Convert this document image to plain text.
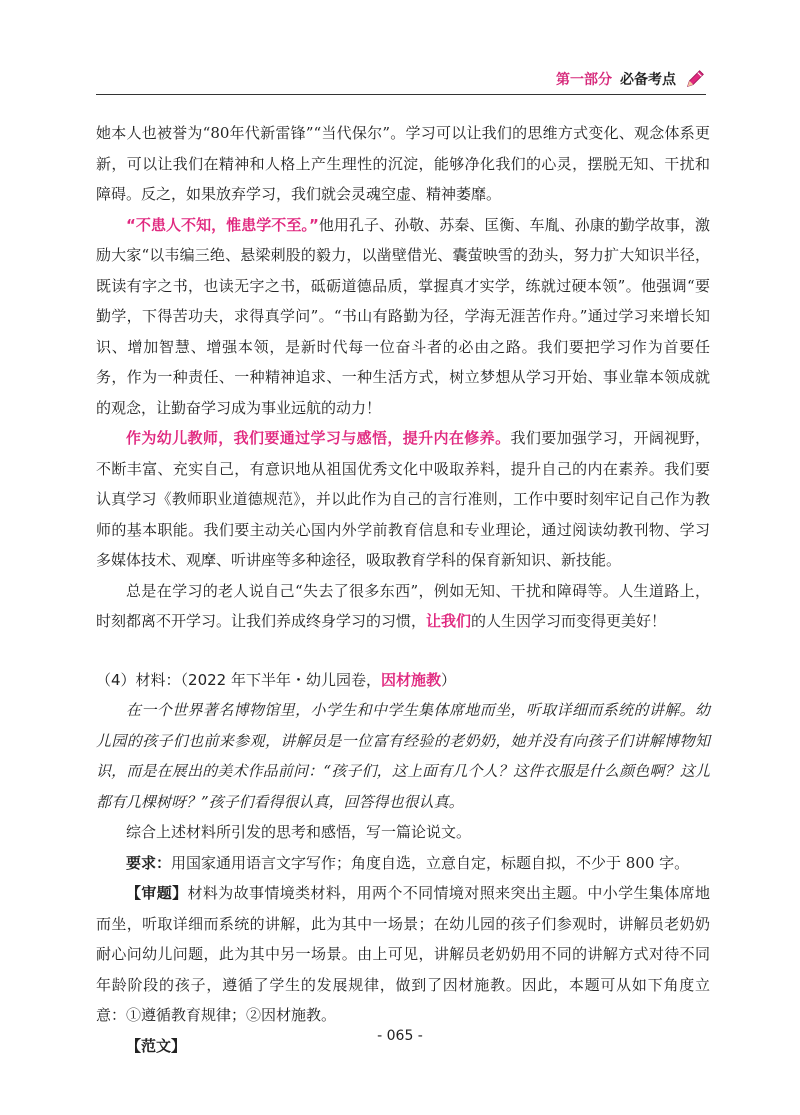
第一部分 必备考点

她本人也被誉为“80年代新雷锋”“当代保尔”。学习可以让我们的思维方式变化、观念体系更新，可以让我们在精神和人格上产生理性的沉淀，能够净化我们的心灵，摆脱无知、干扰和障碍。反之，如果放弃学习，我们就会灵魂空虚、精神萎靡。

“不患人不知，惟患学不至。”他用孔子、孙敬、苏秦、匡衡、车胤、孙康的勤学故事，激励大家“以韦编三绝、悬梁刺股的毅力，以凿壁借光、囊萤映雪的劲头，努力扩大知识半径，既读有字之书，也读无字之书，砥砺道德品质，掌握真才实学，练就过硬本领”。他强调“要勤学，下得苦功夫，求得真学问”。“书山有路勤为径，学海无涯苦作舟。”通过学习来增长知识、增加智慧、增强本领，是新时代每一位奋斗者的必由之路。我们要把学习作为首要任务，作为一种责任、一种精神追求、一种生活方式，树立梦想从学习开始、事业靠本领成就的观念，让勤奋学习成为事业远航的动力！

作为幼儿教师，我们要通过学习与感悟，提升内在修养。我们要加强学习，开阔视野，不断丰富、充实自己，有意识地从祖国优秀文化中吸取养料，提升自己的内在素养。我们要认真学习《教师职业道德规范》，并以此作为自己的言行准则，工作中要时刻牢记自己作为教师的基本职能。我们要主动关心国内外学前教育信息和专业理论，通过阅读幼教刊物、学习多媒体技术、观摩、听讲座等多种途径，吸取教育学科的保育新知识、新技能。

总是在学习的老人说自己“失去了很多东西”，例如无知、干扰和障碍等。人生道路上，时刻都离不开学习。让我们养成终身学习的习惯，让我们的人生因学习而变得更美好！

（4）材料：（2022 年下半年・幼儿园卷，因材施教）

在一个世界著名博物馆里，小学生和中学生集体席地而坐，听取详细而系统的讲解。幼儿园的孩子们也前来参观，讲解员是一位富有经验的老奶奶，她并没有向孩子们讲解博物知识，而是在展出的美术作品前问：“孩子们，这上面有几个人？这件衣服是什么颜色啊？这儿都有几棵树呀？”孩子们看得很认真，回答得也很认真。

综合上述材料所引发的思考和感悟，写一篇论说文。

要求：用国家通用语言文字写作；角度自选，立意自定，标题自拟，不少于 800 字。

【审题】材料为故事情境类材料，用两个不同情境对照来突出主题。中小学生集体席地而坐，听取详细而系统的讲解，此为其中一场景；在幼儿园的孩子们参观时，讲解员老奶奶耐心问幼儿问题，此为其中另一场景。由上可见，讲解员老奶奶用不同的讲解方式对待不同年龄阶段的孩子，遵循了学生的发展规律，做到了因材施教。因此，本题可从如下角度立意：①遵循教育规律；②因材施教。

【范文】

- 065 -
